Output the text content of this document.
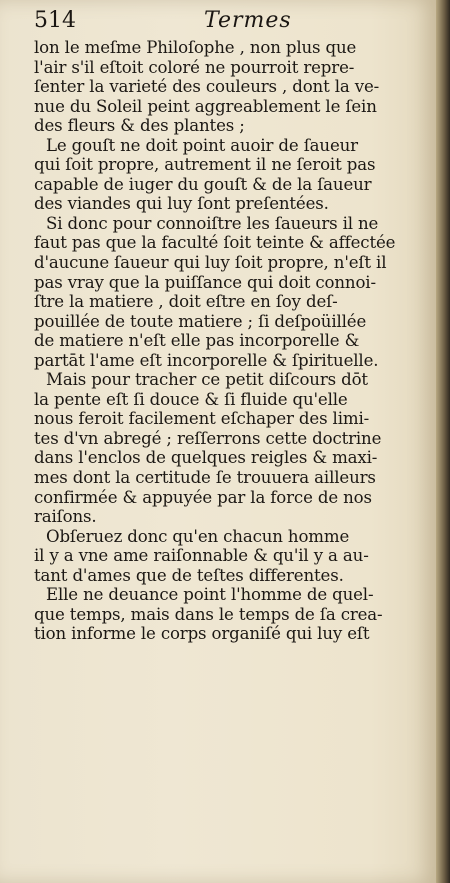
514	Termes
lon le meſme Philoſophe , non plus que
l'air s'il eſtoit coloré ne pourroit repre-
ſenter la varieté des couleurs , dont la ve-
nue du Soleil peint aggreablement le ſein
des fleurs & des plantes ;
Le gouſt ne doit point auoir de ſaueur
qui ſoit propre, autrement il ne ſeroit pas
capable de iuger du gouſt & de la ſaueur
des viandes qui luy ſont preſentées.
Si donc pour connoiſtre les ſaueurs il ne
faut pas que la faculté ſoit teinte & affectée
d'aucune ſaueur qui luy ſoit propre, n'eſt il
pas vray que la puiſſance qui doit connoi-
ſtre la matiere , doit eſtre en ſoy deſ-
pouillée de toute matiere ; ſi deſpoüillée
de matiere n'eſt elle pas incorporelle &
partāt l'ame eſt incorporelle & ſpirituelle.
Mais pour tracher ce petit diſcours dōt
la pente eſt ſi douce & ſi fluide qu'elle
nous feroit facilement eſchaper des limi-
tes d'vn abregé ; reſſerrons cette doctrine
dans l'enclos de quelques reigles & maxi-
mes dont la certitude ſe trouuera ailleurs
confirmée & appuyée par la force de nos
raiſons.
Obſeruez donc qu'en chacun homme
il y a vne ame raiſonnable & qu'il y a au-
tant d'ames que de teſtes differentes.
Elle ne deuance point l'homme de quel-
que temps, mais dans le temps de ſa crea-
tion informe le corps organiſé qui luy eſt
